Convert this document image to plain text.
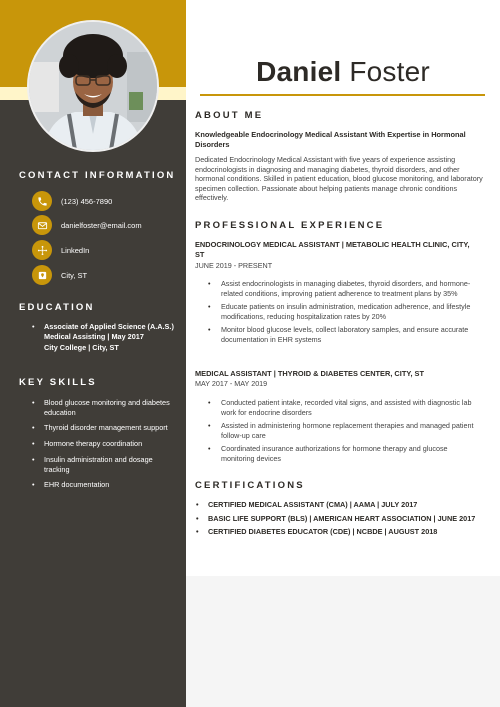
Daniel Foster
CONTACT INFORMATION
(123) 456-7890
danielfoster@email.com
LinkedIn
City, ST
EDUCATION
• Associate of Applied Science (A.A.S.) Medical Assisting | May 2017
City College | City, ST
KEY SKILLS
• Blood glucose monitoring and diabetes education
• Thyroid disorder management support
• Hormone therapy coordination
• Insulin administration and dosage tracking
• EHR documentation
ABOUT ME
Knowledgeable Endocrinology Medical Assistant With Expertise in Hormonal Disorders
Dedicated Endocrinology Medical Assistant with five years of experience assisting endocrinologists in diagnosing and managing diabetes, thyroid disorders, and other hormonal conditions. Skilled in patient education, blood glucose monitoring, and laboratory specimen collection. Passionate about helping patients manage chronic conditions effectively.
PROFESSIONAL EXPERIENCE
ENDOCRINOLOGY MEDICAL ASSISTANT | METABOLIC HEALTH CLINIC, CITY, ST
JUNE 2019 - PRESENT
• Assist endocrinologists in managing diabetes, thyroid disorders, and hormone-related conditions, improving patient adherence to treatment plans by 35%
• Educate patients on insulin administration, medication adherence, and lifestyle modifications, reducing hospitalization rates by 20%
• Monitor blood glucose levels, collect laboratory samples, and ensure accurate documentation in EHR systems
MEDICAL ASSISTANT | THYROID & DIABETES CENTER, CITY, ST
MAY 2017 - MAY 2019
• Conducted patient intake, recorded vital signs, and assisted with diagnostic lab work for endocrine disorders
• Assisted in administering hormone replacement therapies and managed patient follow-up care
• Coordinated insurance authorizations for hormone therapy and glucose monitoring devices
CERTIFICATIONS
• CERTIFIED MEDICAL ASSISTANT (CMA) | AAMA | JULY 2017
• BASIC LIFE SUPPORT (BLS) | AMERICAN HEART ASSOCIATION | JUNE 2017
• CERTIFIED DIABETES EDUCATOR (CDE) | NCBDE | AUGUST 2018
